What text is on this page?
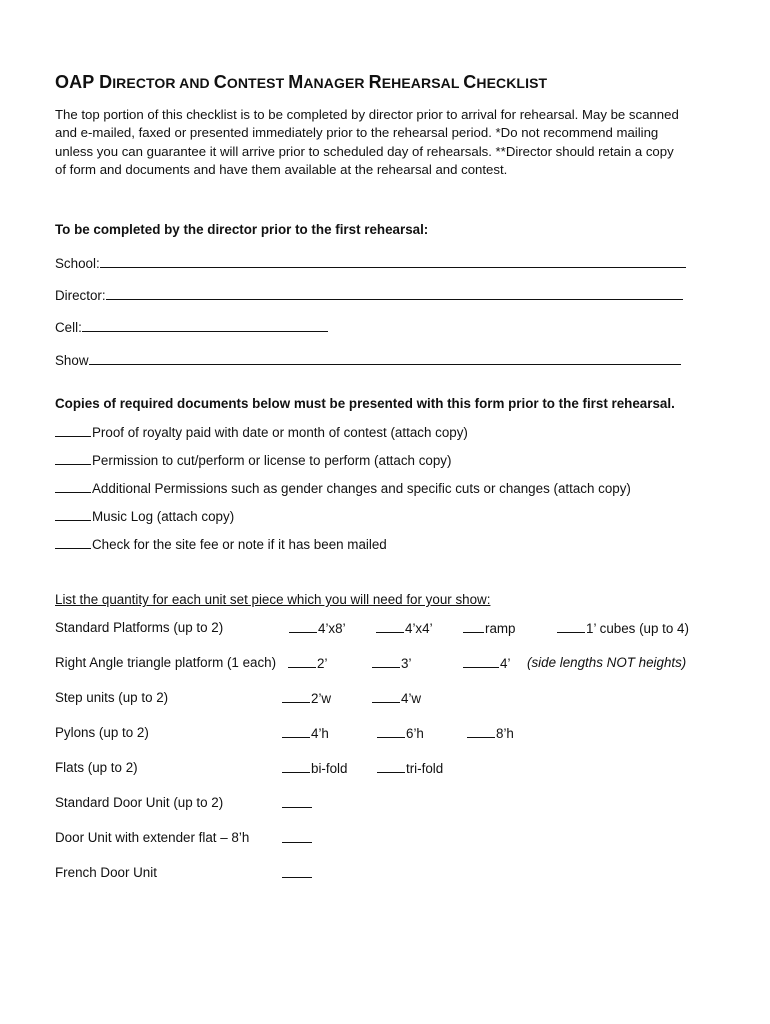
OAP DIRECTOR AND CONTEST MANAGER REHEARSAL CHECKLIST

The top portion of this checklist is to be completed by director prior to arrival for rehearsal. May be scanned
and e-mailed, faxed or presented immediately prior to the rehearsal period. *Do not recommend mailing
unless you can guarantee it will arrive prior to scheduled day of rehearsals. **Director should retain a copy
of form and documents and have them available at the rehearsal and contest.

To be completed by the director prior to the first rehearsal:

School:

Director:

Cell:

Show

Copies of required documents below must be presented with this form prior to the first rehearsal.

Proof of royalty paid with date or month of contest (attach copy)
Permission to cut/perform or license to perform (attach copy)
Additional Permissions such as gender changes and specific cuts or changes (attach copy)
Music Log (attach copy)
Check for the site fee or note if it has been mailed
List the quantity for each unit set piece which you will need for your show:
Standard Platforms (up to 2)	4’x8’	4’x4’	ramp	1’ cubes (up to 4)
Right Angle triangle platform (1 each)	2’	3’	4’ (side lengths NOT heights)
Step units (up to 2)	2’w	4’w
Pylons (up to 2)	4’h	6’h	8’h
Flats (up to 2)	bi-fold	tri-fold
Standard Door Unit (up to 2)
Door Unit with extender flat – 8’h
French Door Unit
